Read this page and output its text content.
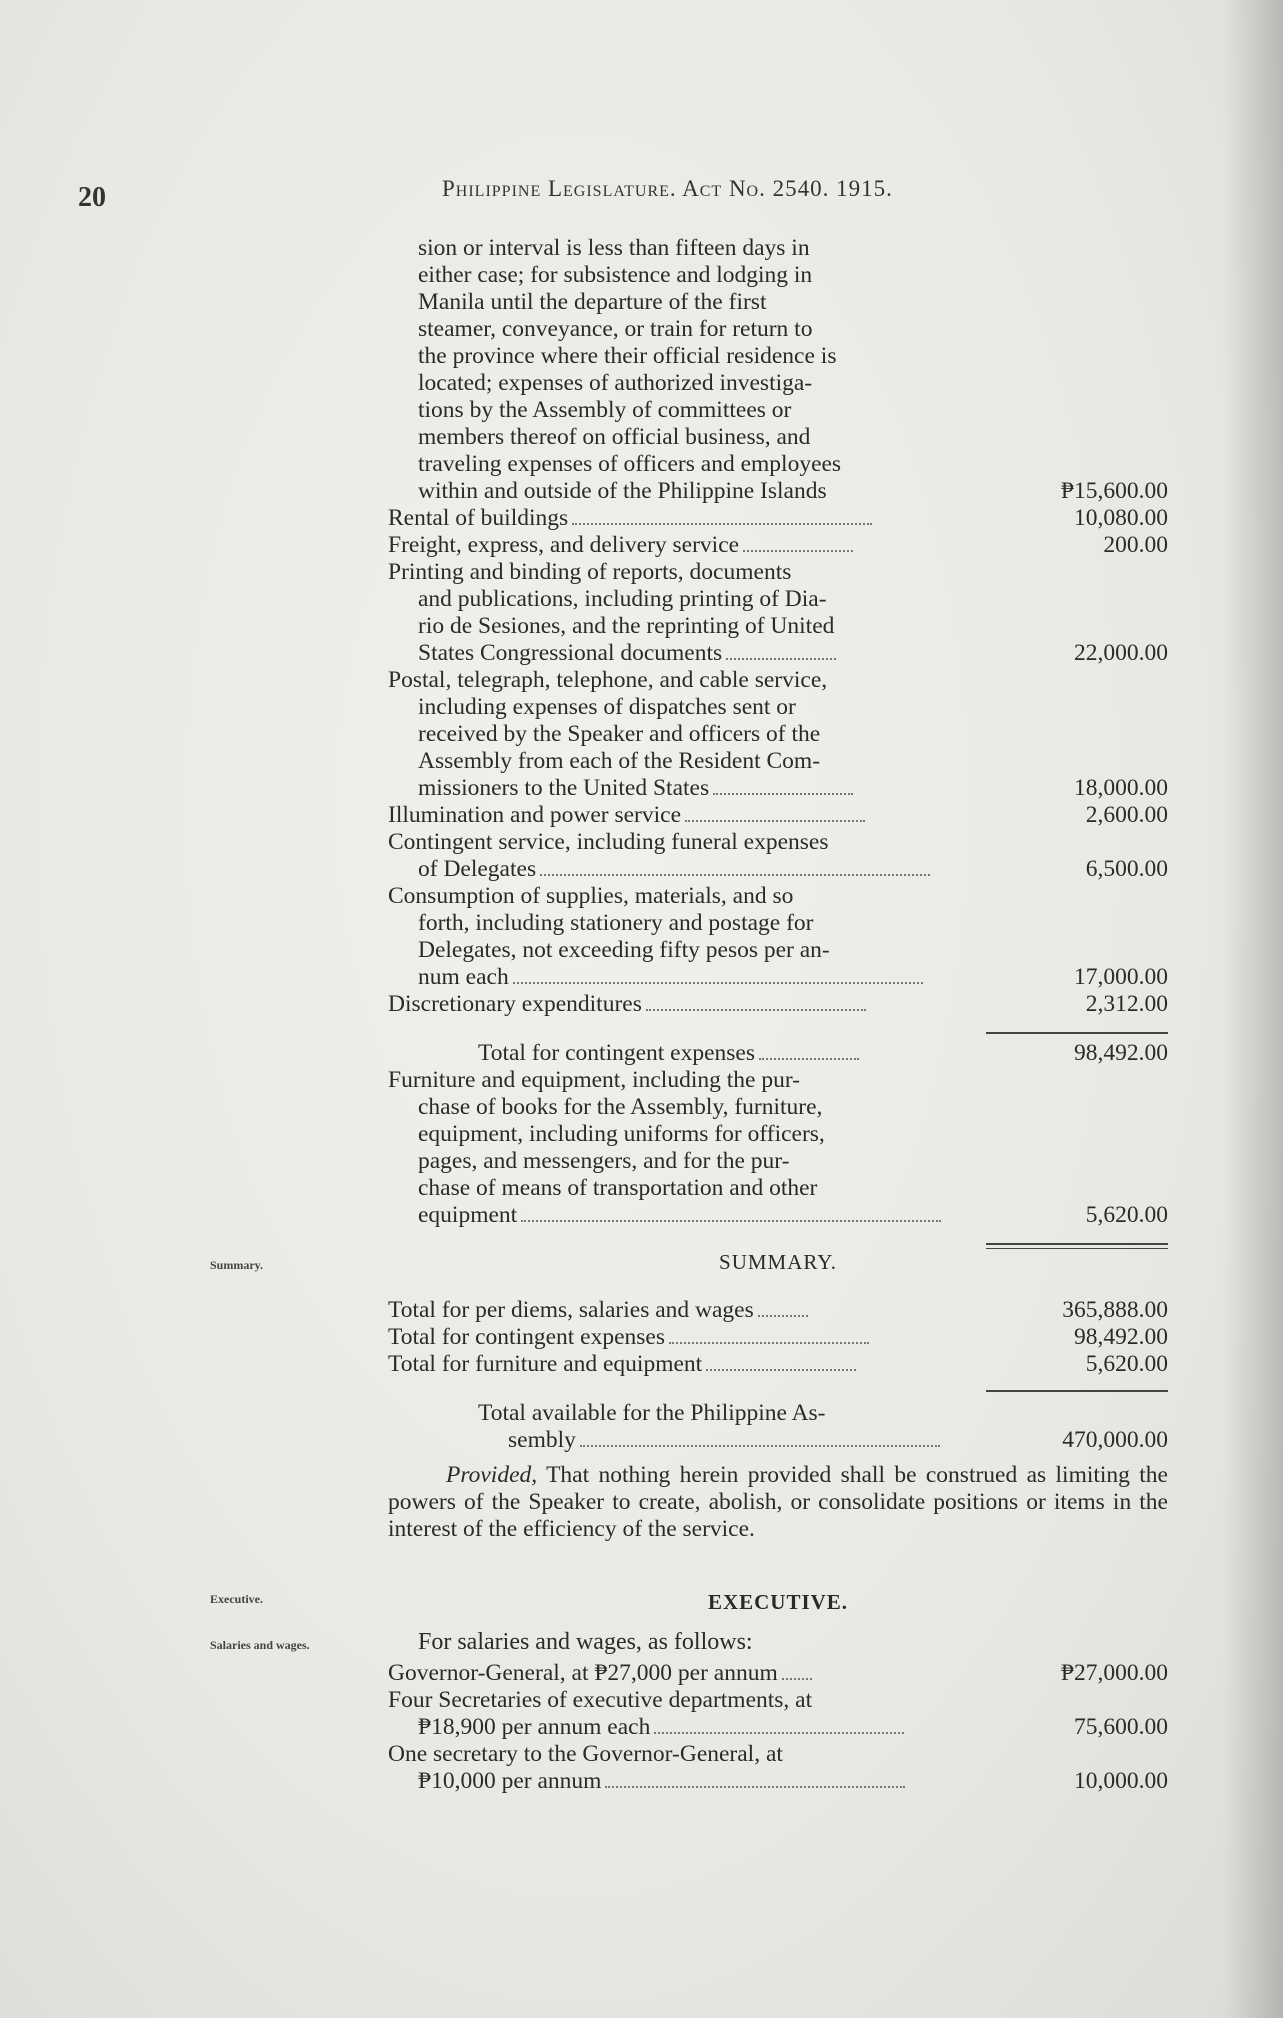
20	Philippine Legislature. Act No. 2540. 1915.
Summary.
Executive.
Salaries and wages.
sion or interval is less than fifteen days in
either case; for subsistence and lodging in
Manila until the departure of the first
steamer, conveyance, or train for return to
the province where their official residence is
located; expenses of authorized investiga-
tions by the Assembly of committees or
members thereof on official business, and
traveling expenses of officers and employees
within and outside of the Philippine Islands	₱15,600.00
Rental of buildings	10,080.00
Freight, express, and delivery service	200.00
Printing and binding of reports, documents
and publications, including printing of Dia-
rio de Sesiones, and the reprinting of United
States Congressional documents	22,000.00
Postal, telegraph, telephone, and cable service,
including expenses of dispatches sent or
received by the Speaker and officers of the
Assembly from each of the Resident Com-
missioners to the United States	18,000.00
Illumination and power service	2,600.00
Contingent service, including funeral expenses
of Delegates	6,500.00
Consumption of supplies, materials, and so
forth, including stationery and postage for
Delegates, not exceeding fifty pesos per an-
num each	17,000.00
Discretionary expenditures	2,312.00
Total for contingent expenses	98,492.00
Furniture and equipment, including the pur-
chase of books for the Assembly, furniture,
equipment, including uniforms for officers,
pages, and messengers, and for the pur-
chase of means of transportation and other
equipment	5,620.00
SUMMARY.
Total for per diems, salaries and wages	365,888.00
Total for contingent expenses	98,492.00
Total for furniture and equipment	5,620.00
Total available for the Philippine As-
sembly	470,000.00
Provided, That nothing herein provided shall be construed as limiting the powers of the Speaker to create, abolish, or consolidate positions or items in the interest of the efficiency of the service.
EXECUTIVE.
For salaries and wages, as follows:
Governor-General, at ₱27,000 per annum	₱27,000.00
Four Secretaries of executive departments, at
₱18,900 per annum each	75,600.00
One secretary to the Governor-General, at
₱10,000 per annum	10,000.00
